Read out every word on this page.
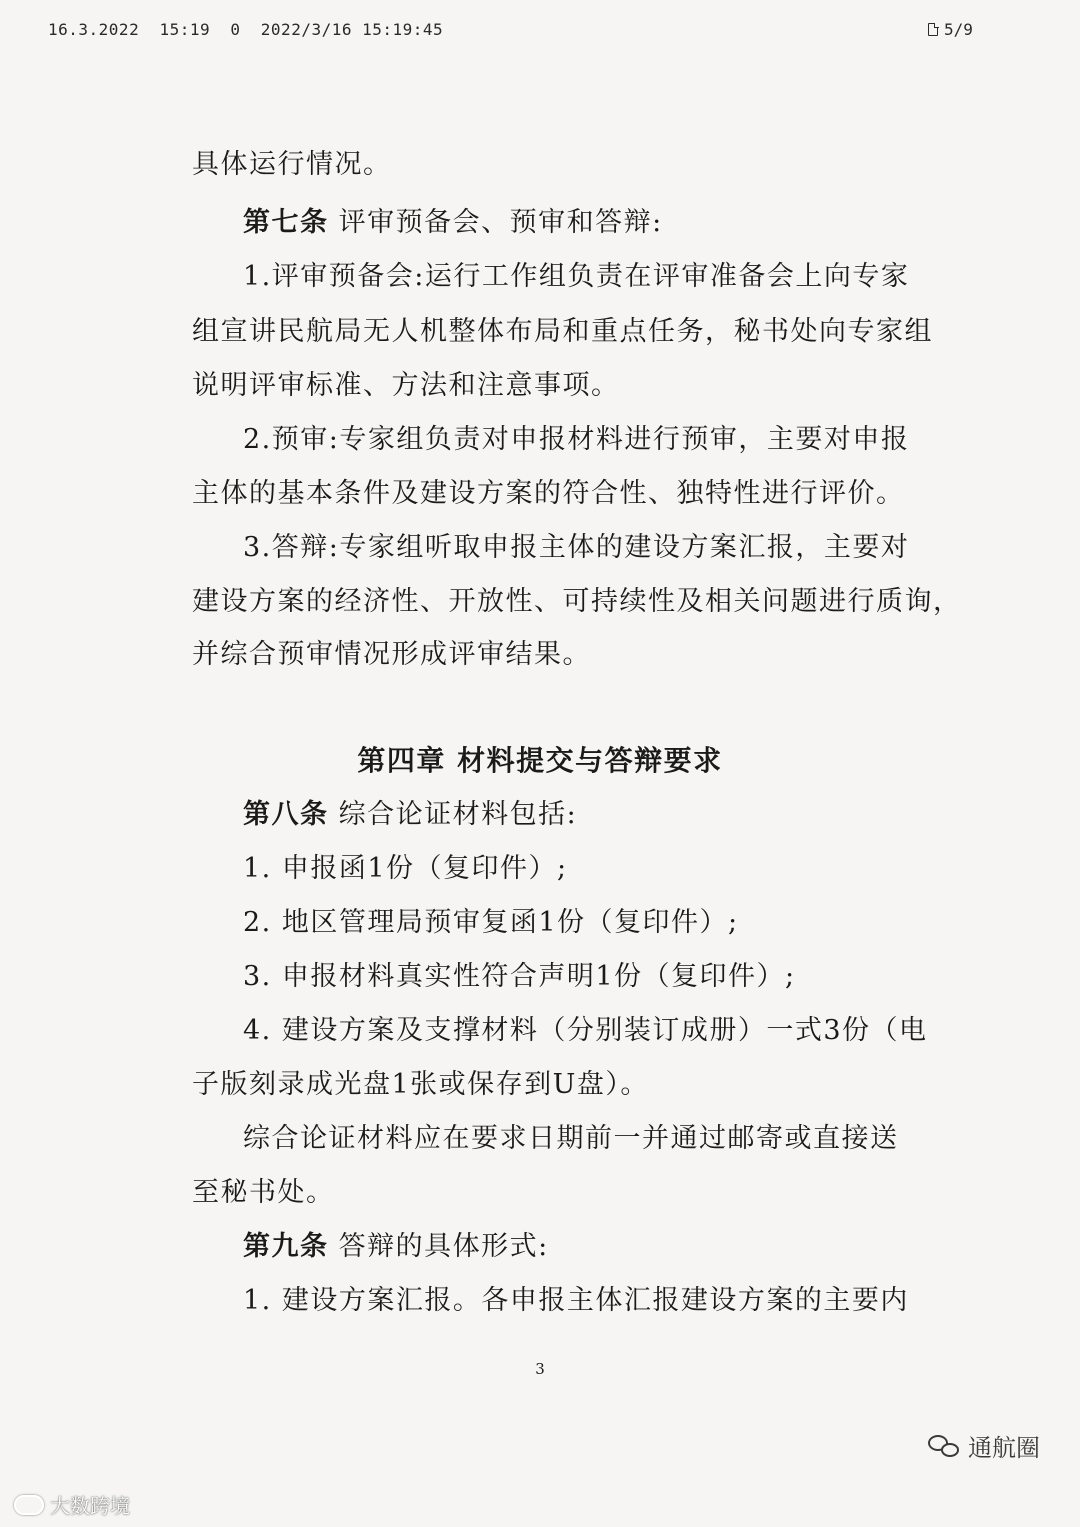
16.3.2022  15:19  0  2022/3/16 15:19:45	5/9
具体运行情况。
第七条 评审预备会、预审和答辩:
1.评审预备会:运行工作组负责在评审准备会上向专家
组宣讲民航局无人机整体布局和重点任务，秘书处向专家组
说明评审标准、方法和注意事项。
2.预审:专家组负责对申报材料进行预审，主要对申报
主体的基本条件及建设方案的符合性、独特性进行评价。
3.答辩:专家组听取申报主体的建设方案汇报，主要对
建设方案的经济性、开放性、可持续性及相关问题进行质询，
并综合预审情况形成评审结果。
第四章 材料提交与答辩要求
第八条 综合论证材料包括:
1. 申报函1份（复印件）;
2. 地区管理局预审复函1份（复印件）;
3. 申报材料真实性符合声明1份（复印件）;
4. 建设方案及支撑材料（分别装订成册）一式3份（电
子版刻录成光盘1张或保存到U盘）。
综合论证材料应在要求日期前一并通过邮寄或直接送
至秘书处。
第九条 答辩的具体形式:
1. 建设方案汇报。各申报主体汇报建设方案的主要内
3
通航圈
大数跨境
